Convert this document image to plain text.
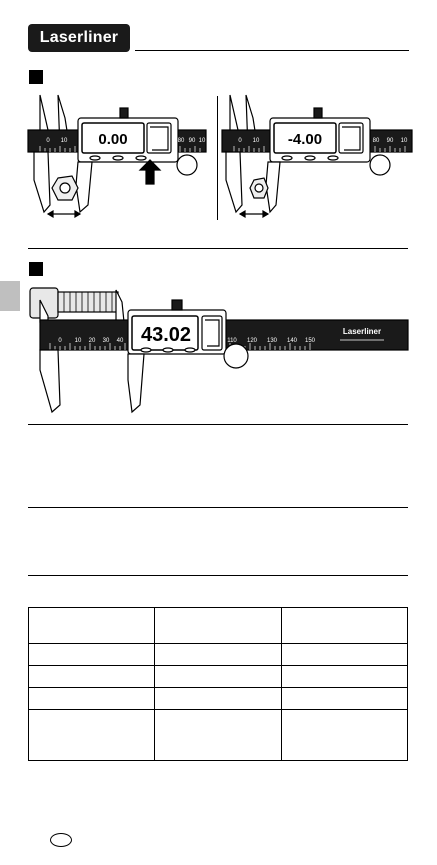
Laserliner
0.00
0 10	80 90 10	-4.00
0 10	80 90 10
43.02
0 10 20 30 40	110 120 130 140 150
Laserliner
